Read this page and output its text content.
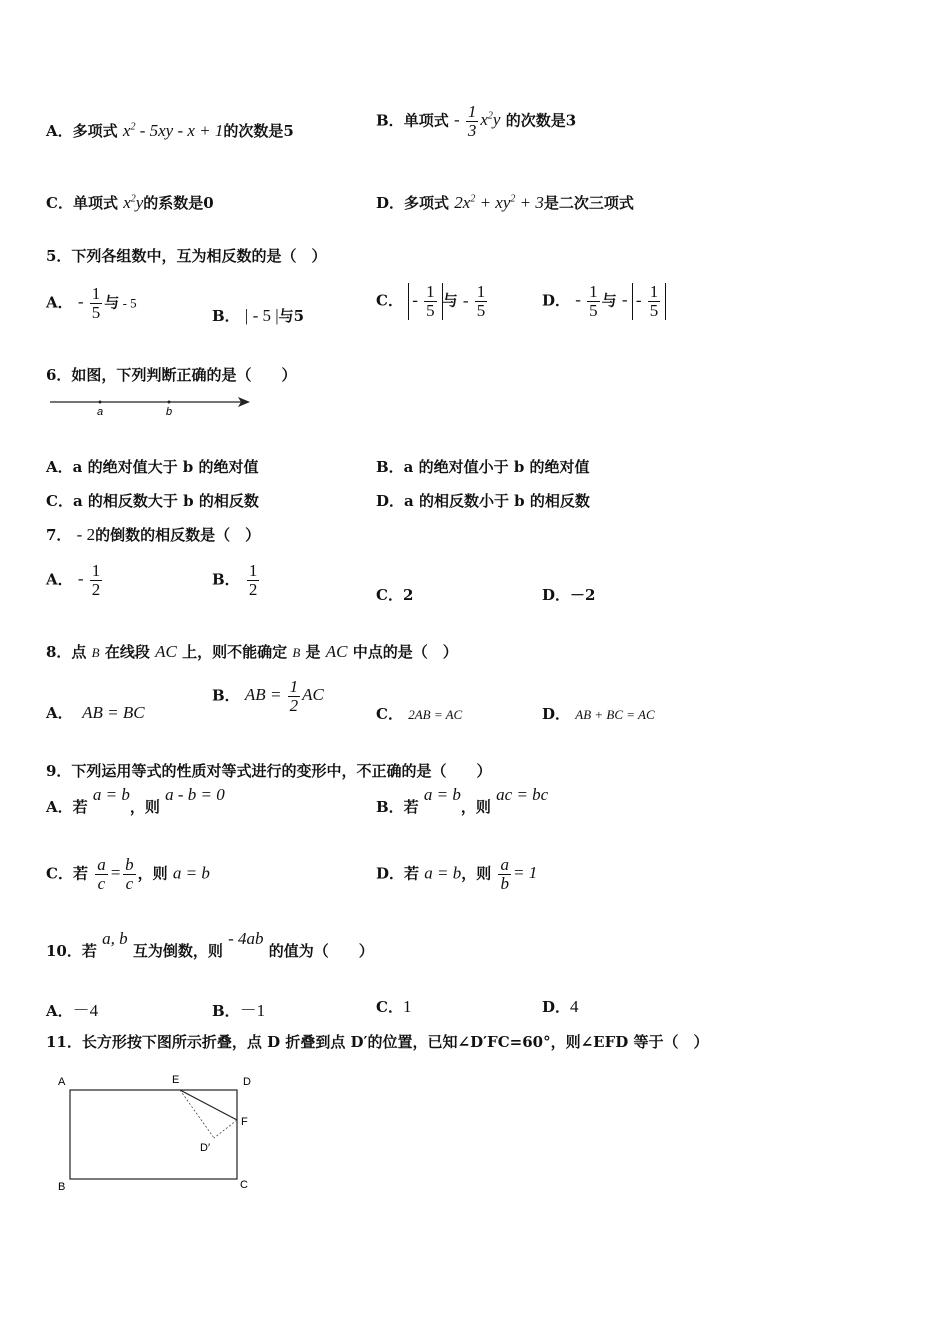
A．多项式 $x^2 - 5xy - x + 1$的次数是5
B．单项式 - $\frac{1}{3} x^2y$ 的次数是3
C．单项式 $x^2y$的系数是0	D．多项式 $2x^2 + xy^2 + 3$是二次三项式
5．下列各组数中，互为相反数的是（　）
A． - $\frac{1}{5}$ 与 - 5
B． | - 5 |与5
C． - $\frac{1}{5}$ 与 - $\frac{1}{5}$	D． - $\frac{1}{5}$ 与 - - $\frac{1}{5}$
6．如图，下列判断正确的是（　　）
a	b
A．a 的绝对值大于 b 的绝对值	B．a 的绝对值小于 b 的绝对值
C．a 的相反数大于 b 的相反数	D．a 的相反数小于 b 的相反数
7． - 2的倒数的相反数是（　）
A． - $\frac{1}{2}$	B． $\frac{1}{2}$	C．2	D．－2
8．点 B 在线段 AC 上，则不能确定 B 是 AC 中点的是（　）
A．  AB = BC
B． AB = $\frac{1}{2}$ AC
C． 2AB = AC	D． AB + BC = AC
9．下列运用等式的性质对等式进行的变形中，不正确的是（　　）
A．若 a = b，则 a - b = 0
B．若 a = b，则 ac = bc
C．若 $\frac{a}{c} = \frac{b}{c}$ ，则 a = b	D．若 a = b，则 $\frac{a}{b} = 1$
10．若 a, b 互为倒数，则 - 4ab 的值为（　　）
A．－4	B．－1	C．1	D．4
11．长方形按下图所示折叠，点 D 折叠到点 D′的位置，已知∠D′FC=60°，则∠EFD 等于（　）
A	E	D
F
D′
B	C
